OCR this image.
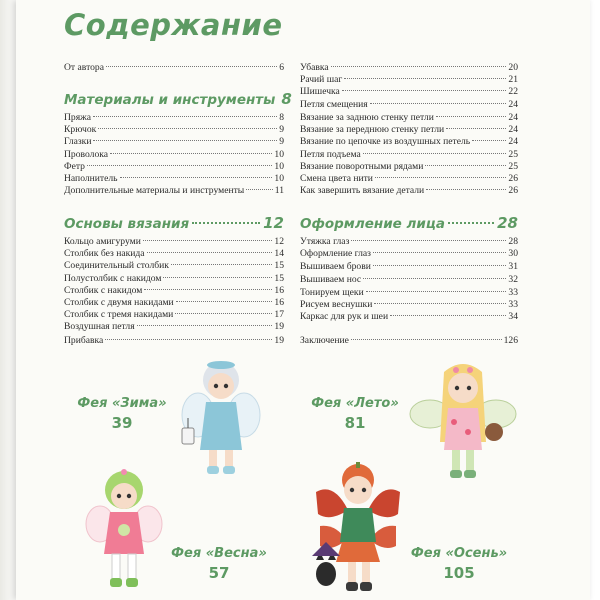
Содержание
От автора	6
Материалы и инструменты 8
Пряжа	8
Крючок	9
Глазки	9
Проволока	10
Фетр	10
Наполнитель	10
Дополнительные материалы и инструменты	11
Основы вязания	12
Кольцо амигуруми	12
Столбик без накида	14
Соединительный столбик	15
Полустолбик с накидом	15
Столбик с накидом	16
Столбик с двумя накидами	16
Столбик с тремя накидами	17
Воздушная петля	19
Прибавка	19
Убавка	20
Рачий шаг	21
Шишечка	22
Петля смещения	24
Вязание за заднюю стенку петли	24
Вязание за переднюю стенку петли	24
Вязание по цепочке из воздушных петель	24
Петля подъема	25
Вязание поворотными рядами	25
Смена цвета нити	26
Как завершить вязание детали	26
Оформление лица	28
Утяжка глаз	28
Оформление глаз	30
Вышиваем брови	31
Вышиваем нос	32
Тонируем щеки	33
Рисуем веснушки	33
Каркас для рук и шеи	34
Заключение	126
Фея «Зима»
39
Фея «Лето»
81
Фея «Весна»
57
Фея «Осень»
105
